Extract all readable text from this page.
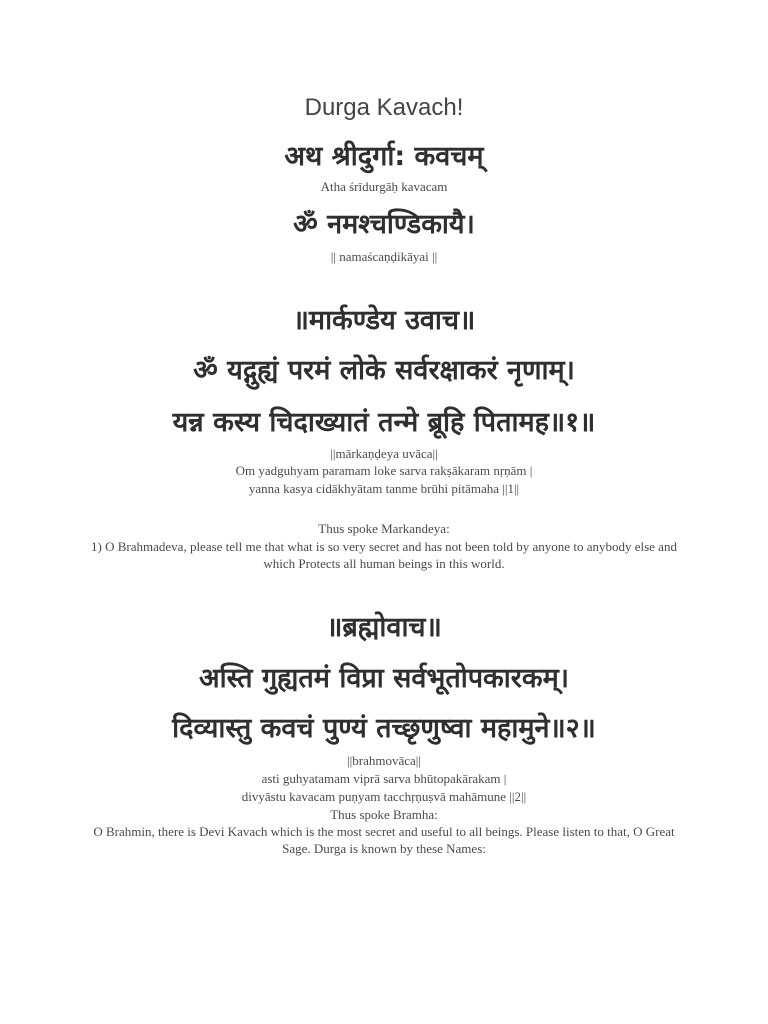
Durga Kavach!
अथ श्रीदुर्गा: कवचम्
Atha śrīdurgāḥ kavacam
ॐ नमश्चण्डिकायै।
|| namaścaṇḍikāyai ||
॥मार्कण्डेय उवाच॥
ॐ यद्गुह्यं परमं लोके सर्वरक्षाकरं नृणाम्।
यन्न कस्य चिदाख्यातं तन्मे ब्रूहि पितामह॥१॥
||mārkaṇḍeya uvāca||
Om yadguhyam paramam loke sarva rakṣākaram nṛṇām |
yanna kasya cidākhyātam tanme brūhi pitāmaha ||1||
Thus spoke Markandeya:

1) O Brahmadeva, please tell me that what is so very secret and has not been told by anyone to anybody else and which Protects all human beings in this world.

॥ब्रह्मोवाच॥
अस्ति गुह्यतमं विप्रा सर्वभूतोपकारकम्।
दिव्यास्तु कवचं पुण्यं तच्छृणुष्वा महामुने॥२॥
||brahmovāca||
asti guhyatamam viprā sarva bhūtopakārakam |
divyāstu kavacam puṇyam tacchṛṇuṣvā mahāmune ||2||
Thus spoke Bramha:

O Brahmin, there is Devi Kavach which is the most secret and useful to all beings. Please listen to that, O Great Sage. Durga is known by these Names:
